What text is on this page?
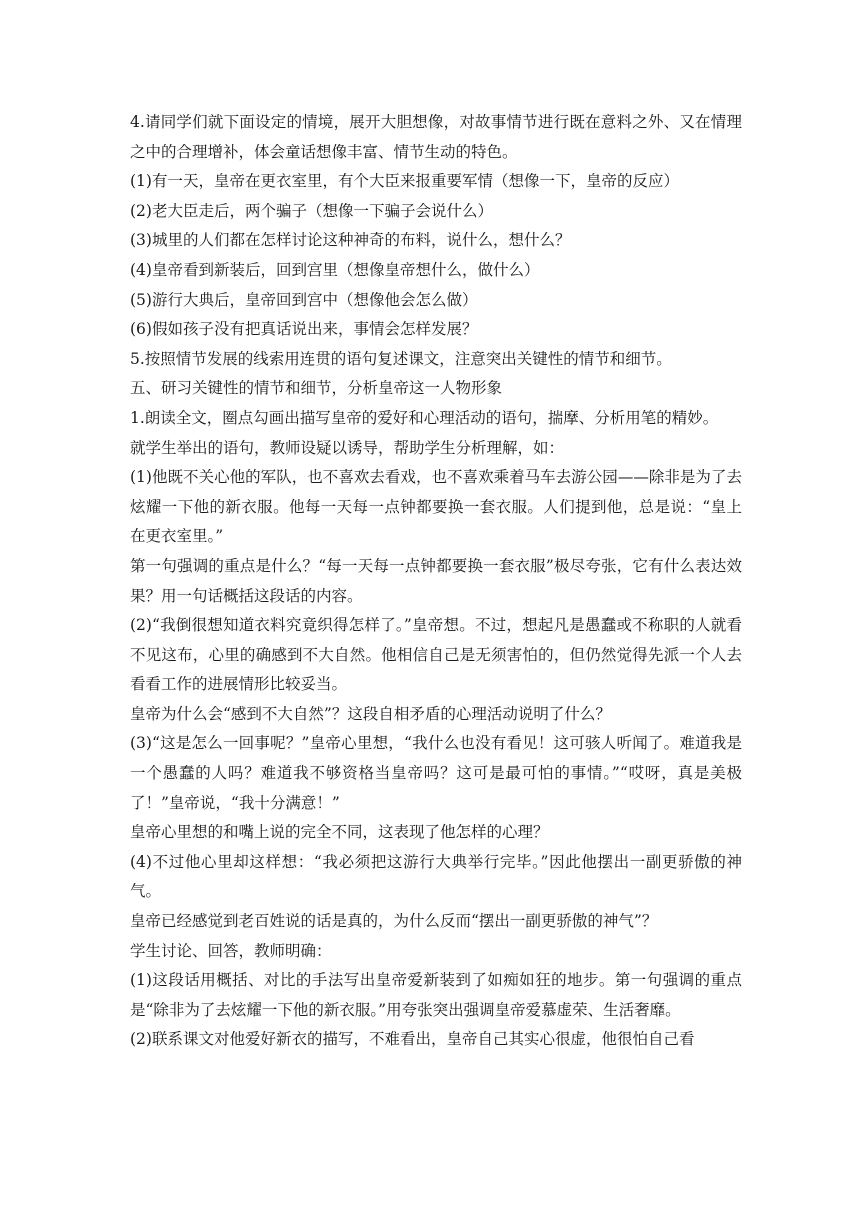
4.请同学们就下面设定的情境，展开大胆想像，对故事情节进行既在意料之外、又在情理之中的合理增补，体会童话想像丰富、情节生动的特色。

(1)有一天，皇帝在更衣室里，有个大臣来报重要军情（想像一下，皇帝的反应）

(2)老大臣走后，两个骗子（想像一下骗子会说什么）

(3)城里的人们都在怎样讨论这种神奇的布料，说什么，想什么？

(4)皇帝看到新装后，回到宫里（想像皇帝想什么，做什么）

(5)游行大典后，皇帝回到宫中（想像他会怎么做）

(6)假如孩子没有把真话说出来，事情会怎样发展？

5.按照情节发展的线索用连贯的语句复述课文，注意突出关键性的情节和细节。

五、研习关键性的情节和细节，分析皇帝这一人物形象

1.朗读全文，圈点勾画出描写皇帝的爱好和心理活动的语句，揣摩、分析用笔的精妙。

就学生举出的语句，教师设疑以诱导，帮助学生分析理解，如：

(1)他既不关心他的军队，也不喜欢去看戏，也不喜欢乘着马车去游公园——除非是为了去炫耀一下他的新衣服。他每一天每一点钟都要换一套衣服。人们提到他，总是说：“皇上在更衣室里。”

第一句强调的重点是什么？“每一天每一点钟都要换一套衣服”极尽夸张，它有什么表达效果？用一句话概括这段话的内容。

(2)“我倒很想知道衣料究竟织得怎样了。”皇帝想。不过，想起凡是愚蠢或不称职的人就看不见这布，心里的确感到不大自然。他相信自己是无须害怕的，但仍然觉得先派一个人去看看工作的进展情形比较妥当。

皇帝为什么会“感到不大自然”？这段自相矛盾的心理活动说明了什么？

(3)“这是怎么一回事呢？”皇帝心里想，“我什么也没有看见！这可骇人听闻了。难道我是一个愚蠢的人吗？难道我不够资格当皇帝吗？这可是最可怕的事情。”“哎呀，真是美极了！”皇帝说，“我十分满意！”

皇帝心里想的和嘴上说的完全不同，这表现了他怎样的心理？

(4)不过他心里却这样想：“我必须把这游行大典举行完毕。”因此他摆出一副更骄傲的神气。

皇帝已经感觉到老百姓说的话是真的，为什么反而“摆出一副更骄傲的神气”？

学生讨论、回答，教师明确：

(1)这段话用概括、对比的手法写出皇帝爱新装到了如痴如狂的地步。第一句强调的重点是“除非为了去炫耀一下他的新衣服。”用夸张突出强调皇帝爱慕虚荣、生活奢靡。

(2)联系课文对他爱好新衣的描写，不难看出，皇帝自己其实心很虚，他很怕自己看
